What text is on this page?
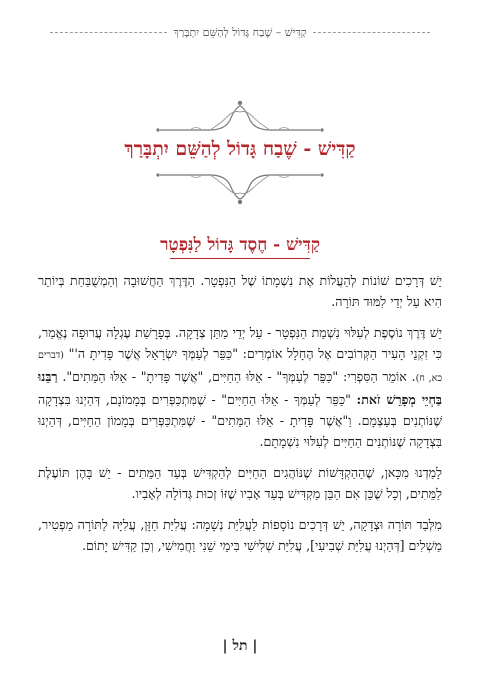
קַדִּישׁ – שֶׁבַח גָּדוֹל לְהַשֵּׁם יִתְבָּרַךְ
קַדִּישׁ - שֶׁבַח גָּדוֹל לְהַשֵּׁם יִתְבָּרַךְ
קַדִּישׁ - חֶסֶד גָּדוֹל לַנִּפְטָר

יֵשׁ דְּרָכִים שׁוֹנוֹת לְהַעֲלוֹת אֶת נִשְׁמָתוֹ שֶׁל הַנִּפְטָר. הַדֶּרֶךְ הַחֲשׁוּבָה וְהַמְשֻׁבַּחַת בְּיוֹתֵר הִיא עַל יְדֵי לִמּוּד תּוֹרָה.

יֵשׁ דֶּרֶךְ נוֹסֶפֶת לְעִלּוּי נִשְׁמַת הַנִּפְטָר - עַל יְדֵי מַתַּן צְדָקָה. בְּפָרָשַׁת עֶגְלָה עֲרוּפָה נֶאֱמַר, כִּי זִקְנֵי הָעִיר הַקְּרוֹבִים אֶל הֶחָלָל אוֹמְרִים: "כַּפֵּר לְעַמְּךָ יִשְׂרָאֵל אֲשֶׁר פָּדִיתָ ה'" (דברים כא, ח). אוֹמֵר הַסִּפְרִי: "כַּפֵּר לְעַמְּךָ" - אֵלּוּ הַחַיִּים, "אֲשֶׁר פָּדִיתָ" - אֵלּוּ הַמֵּתִים". רַבֵּנוּ בַּחְיֵי מְפָרֵשׁ זֹאת: "כַּפֵּר לְעַמְּךָ - אֵלּוּ הַחַיִּים" - שֶׁמִּתְכַּפְּרִים בְּמָמוֹנָם, דְּהַיְנוּ בִּצְדָקָה שֶׁנּוֹתְנִים בְּעַצְמָם. וַ"אֲשֶׁר פָּדִיתָ - אֵלּוּ הַמֵּתִים" - שֶׁמִּתְכַּפְּרִים בְּמָמוֹן הַחַיִּים, דְּהַיְנוּ בִּצְדָקָה שֶׁנּוֹתְנִים הַחַיִּים לְעִלּוּי נִשְׁמָתָם.

לָמַדְנוּ מִכָּאן, שֶׁהַהַקְדָּשׁוֹת שֶׁנּוֹהֲגִים הַחַיִּים לְהַקְדִּישׁ בְּעַד הַמֵּתִים - יֵשׁ בָּהֶן תּוֹעֶלֶת לַמֵּתִים, וְכָל שֶׁכֵּן אִם הַבֵּן מַקְדִּישׁ בְּעַד אָבִיו שֶׁזּוֹ זְכוּת גְּדוֹלָה לְאָבִיו.

מִלְּבַד תּוֹרָה וּצְדָקָה, יֵשׁ דְּרָכִים נוֹסָפוֹת לַעֲלִיַּת נְשָׁמָה: עֲלִיַּת חַזָּן, עֲלִיָּה לַתּוֹרָה מַפְטִיר, מַשְׁלִים [דְּהַיְנוּ עֲלִיַּת שְׁבִיעִי], עֲלִיַּת שְׁלִישִׁי בִּימֵי שֵׁנִי וַחֲמִישִׁי, וְכֵן קַדִּישׁ יָתוֹם.

| תל |
